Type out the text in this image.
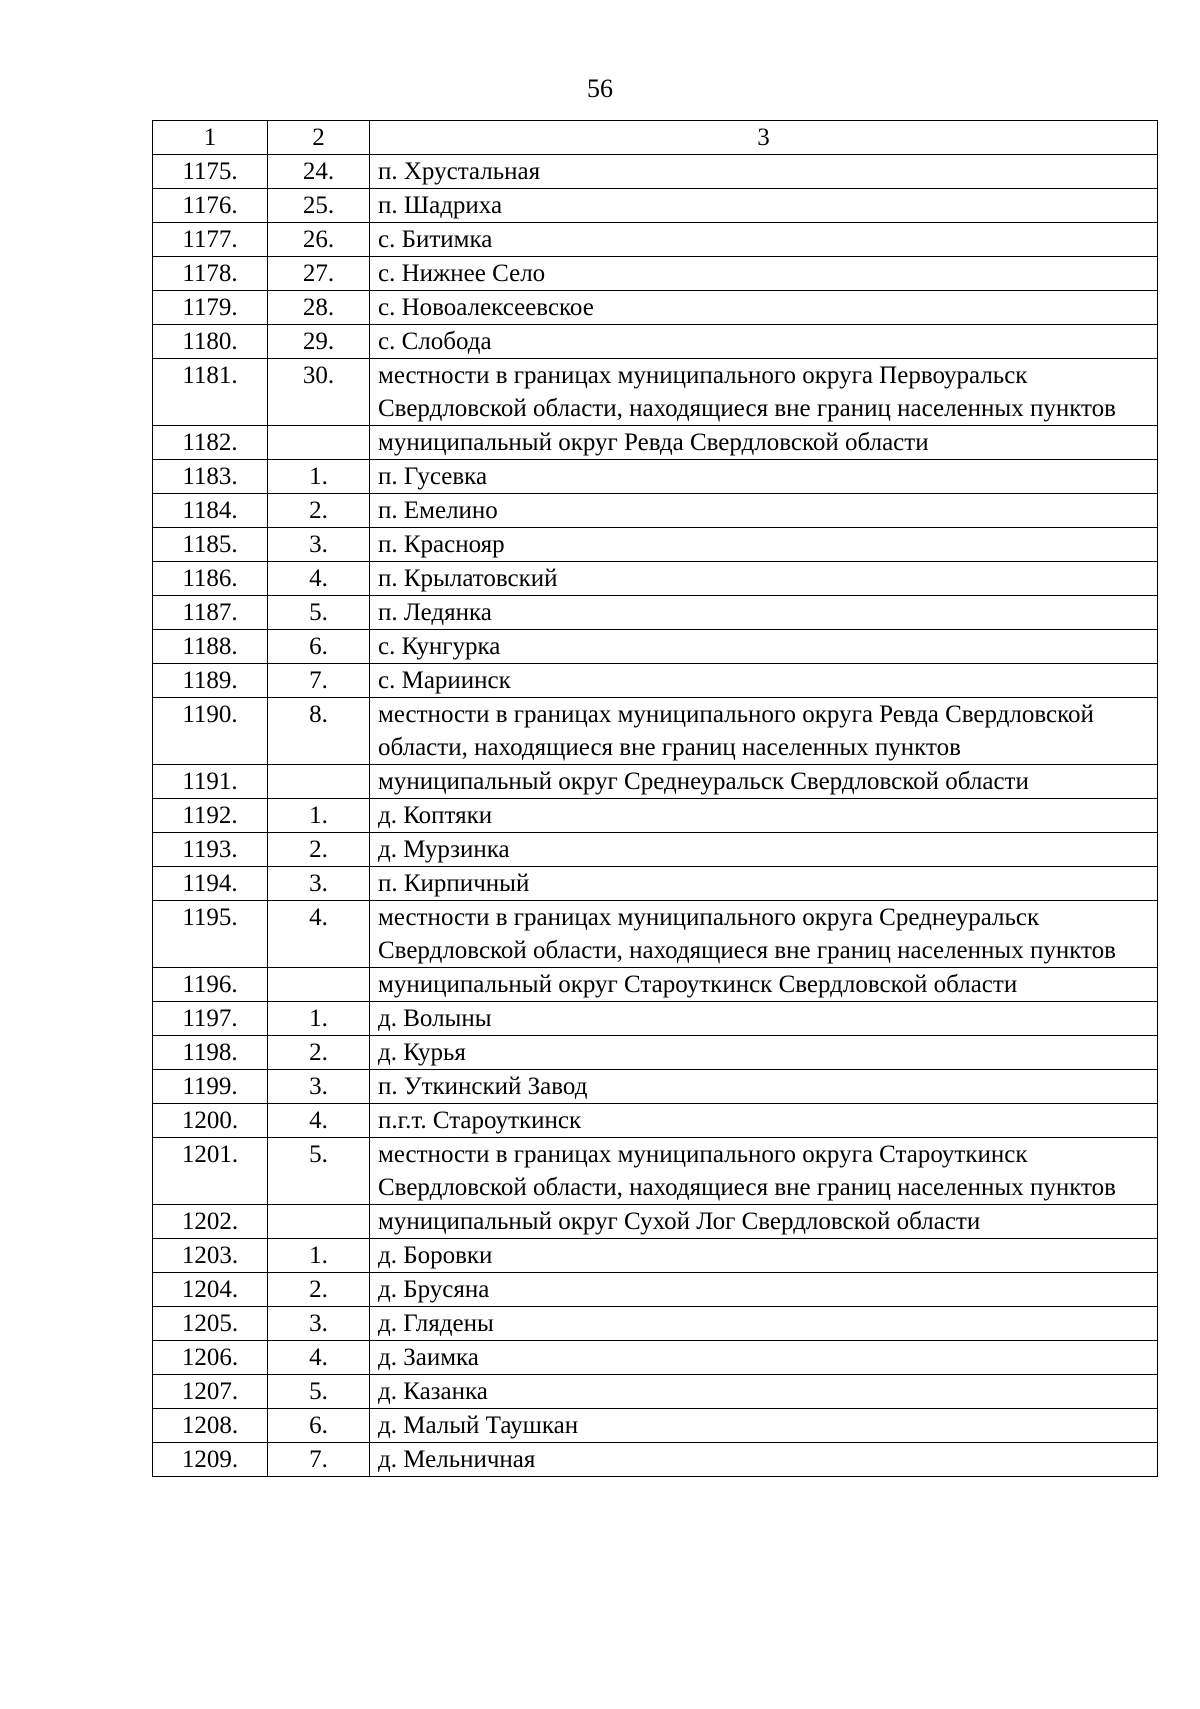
56
1	2	3
1175.	24.	п. Хрустальная
1176.	25.	п. Шадриха
1177.	26.	с. Битимка
1178.	27.	с. Нижнее Село
1179.	28.	с. Новоалексеевское
1180.	29.	с. Слобода
1181.	30.	местности в границах муниципального округа Первоуральск Свердловской области, находящиеся вне границ населенных пунктов
1182.		муниципальный округ Ревда Свердловской области
1183.	1.	п. Гусевка
1184.	2.	п. Емелино
1185.	3.	п. Краснояр
1186.	4.	п. Крылатовский
1187.	5.	п. Ледянка
1188.	6.	с. Кунгурка
1189.	7.	с. Мариинск
1190.	8.	местности в границах муниципального округа Ревда Свердловской области, находящиеся вне границ населенных пунктов
1191.		муниципальный округ Среднеуральск Свердловской области
1192.	1.	д. Коптяки
1193.	2.	д. Мурзинка
1194.	3.	п. Кирпичный
1195.	4.	местности в границах муниципального округа Среднеуральск Свердловской области, находящиеся вне границ населенных пунктов
1196.		муниципальный округ Староуткинск Свердловской области
1197.	1.	д. Волыны
1198.	2.	д. Курья
1199.	3.	п. Уткинский Завод
1200.	4.	п.г.т. Староуткинск
1201.	5.	местности в границах муниципального округа Староуткинск Свердловской области, находящиеся вне границ населенных пунктов
1202.		муниципальный округ Сухой Лог Свердловской области
1203.	1.	д. Боровки
1204.	2.	д. Брусяна
1205.	3.	д. Глядены
1206.	4.	д. Заимка
1207.	5.	д. Казанка
1208.	6.	д. Малый Таушкан
1209.	7.	д. Мельничная
